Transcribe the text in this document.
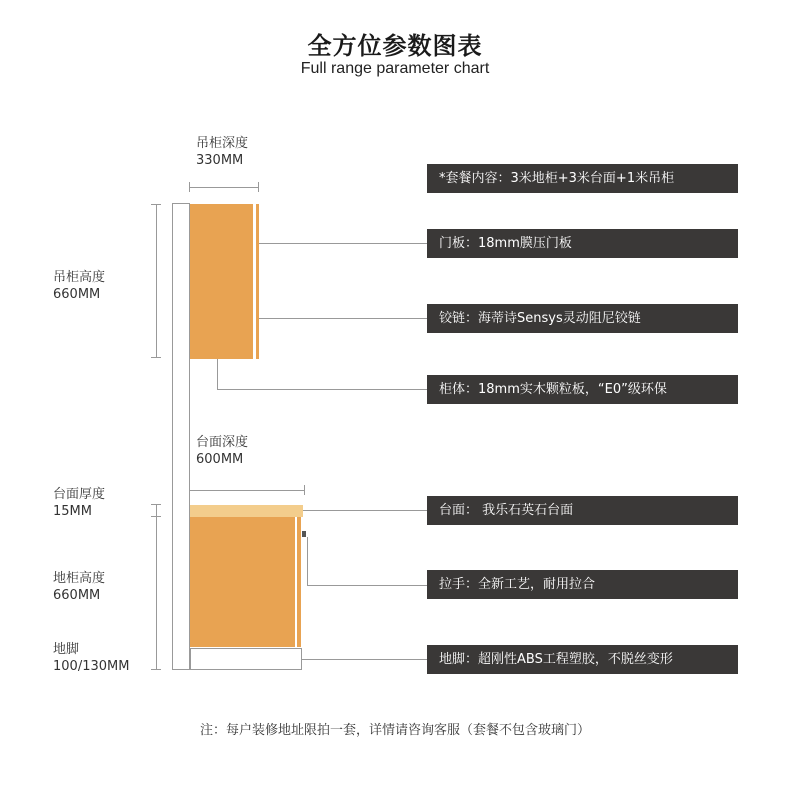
全方位参数图表
Full range parameter chart
吊柜深度
330MM
吊柜高度
660MM
台面厚度
15MM
地柜高度
660MM
地脚
100/130MM
台面深度
600MM
*套餐内容：3米地柜+3米台面+1米吊柜
门板：18mm膜压门板
铰链：海蒂诗Sensys灵动阻尼铰链
柜体：18mm实木颗粒板，“E0”级环保
台面： 我乐石英石台面
拉手：全新工艺，耐用拉合
地脚：超刚性ABS工程塑胶，不脱丝变形
注：每户装修地址限拍一套，详情请咨询客服（套餐不包含玻璃门）
